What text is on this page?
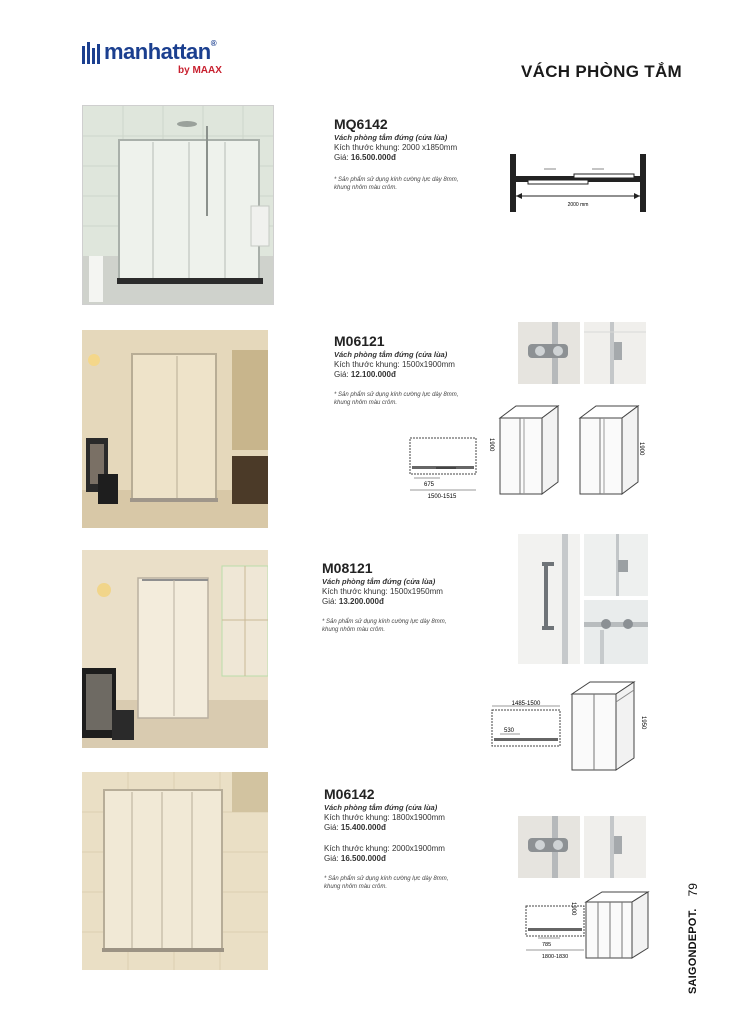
manhattan®
by MAAX	VÁCH PHÒNG TẮM
MQ6142
Vách phòng tắm đứng (cửa lùa)
Kích thước khung: 2000 x1850mm
Giá: 16.500.000đ
* Sản phẩm sử dụng kính cường lực dày 8mm,
khung nhôm màu crôm.
2000 mm
M06121
Vách phòng tắm đứng (cửa lùa)
Kích thước khung: 1500x1900mm
Giá: 12.100.000đ
* Sản phẩm sử dụng kính cường lực dày 8mm,
khung nhôm màu crôm.
675
1500-1515
1900	1900
M08121
Vách phòng tắm đứng (cửa lùa)
Kích thước khung: 1500x1950mm
Giá: 13.200.000đ
* Sản phẩm sử dụng kính cường lực dày 8mm,
khung nhôm màu crôm.
1485-1500
530
1950
M06142
Vách phòng tắm đứng (cửa lùa)
Kích thước khung: 1800x1900mm
Giá: 15.400.000đ
Kích thước khung: 2000x1900mm
Giá: 16.500.000đ
* Sản phẩm sử dụng kính cường lực dày 8mm,
khung nhôm màu crôm.
785
1800-1830
1900	SAIGONDEPOT.
79
